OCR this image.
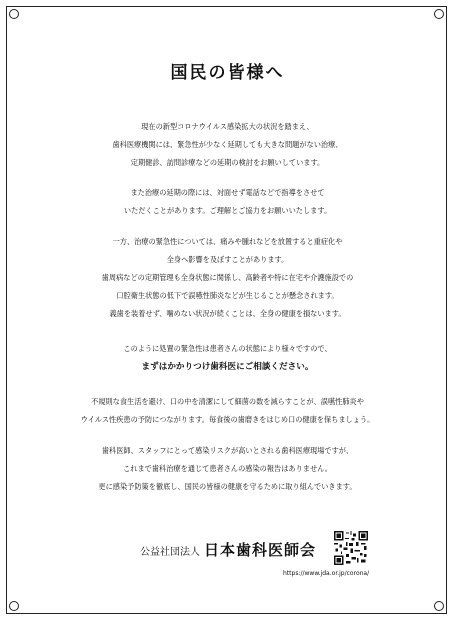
国民の皆様へ
現在の新型コロナウイルス感染拡大の状況を踏まえ、
歯科医療機関には、緊急性が少なく延期しても大きな問題がない治療、
定期健診、訪問診療などの延期の検討をお願いしています。
また治療の延期の際には、対面せず電話などで指導をさせて
いただくことがあります。ご理解とご協力をお願いいたします。
一方、治療の緊急性については、痛みや腫れなどを放置すると重症化や
全身へ影響を及ぼすことがあります。
歯周病などの定期管理も全身状態に関係し、高齢者や特に在宅や介護施設での
口腔衛生状態の低下で誤嚥性肺炎などが生じることが懸念されます。
義歯を装着せず、噛めない状況が続くことは、全身の健康を損ないます。
このように処置の緊急性は患者さんの状態により様々ですので、
まずはかかりつけ歯科医にご相談ください。
不規則な食生活を避け、口の中を清潔にして細菌の数を減らすことが、誤嚥性肺炎や
ウイルス性疾患の予防につながります。毎食後の歯磨きをはじめ口の健康を保ちましょう。
歯科医師、スタッフにとって感染リスクが高いとされる歯科医療現場ですが、
これまで歯科治療を通じて患者さんの感染の報告はありません。
更に感染予防策を徹底し、国民の皆様の健康を守るために取り組んでいきます。
公益社団法人 日本歯科医師会
https://www.jda.or.jp/corona/
